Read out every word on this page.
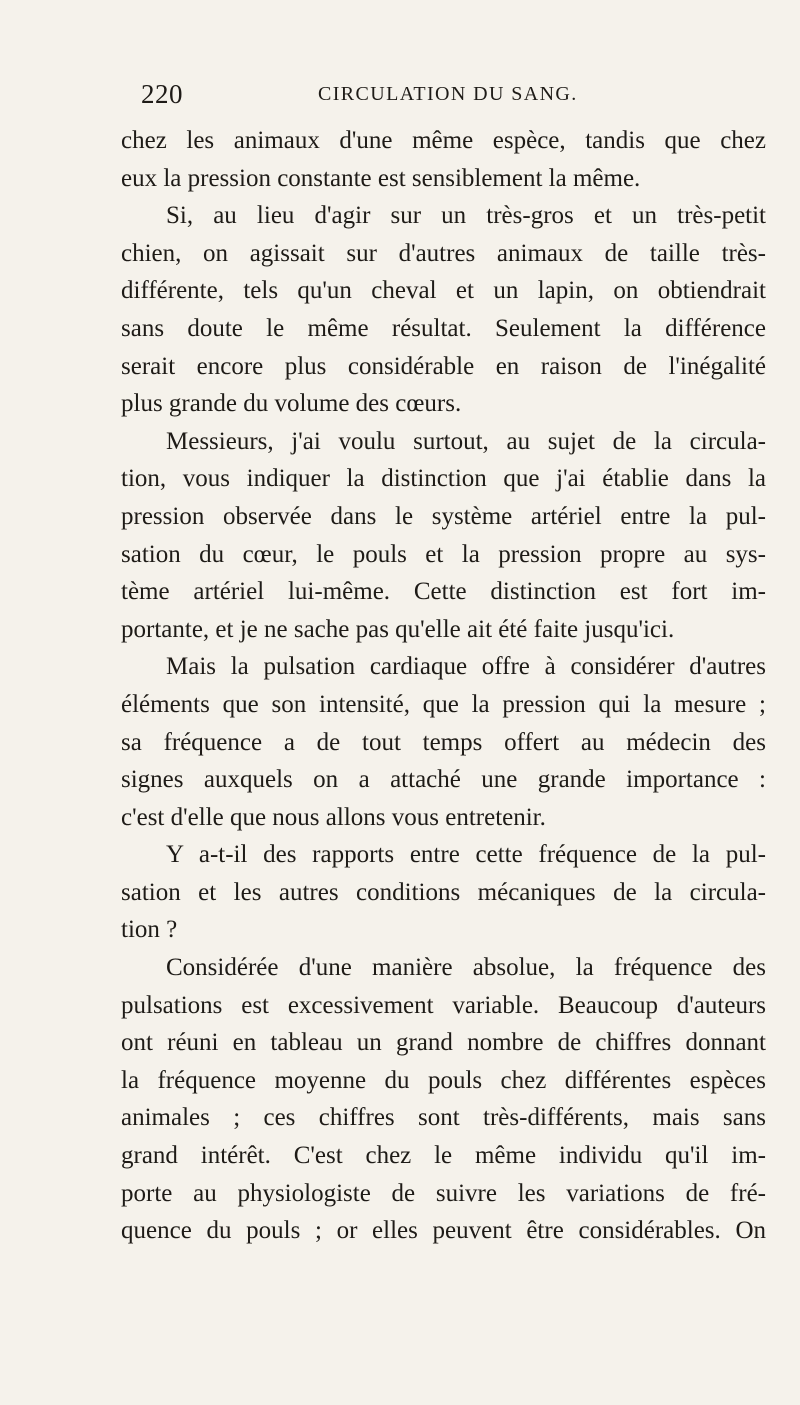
220	CIRCULATION DU SANG.
chez les animaux d'une même espèce, tandis que chez
eux la pression constante est sensiblement la même.
Si, au lieu d'agir sur un très-gros et un très-petit
chien, on agissait sur d'autres animaux de taille très-
différente, tels qu'un cheval et un lapin, on obtiendrait
sans doute le même résultat. Seulement la différence
serait encore plus considérable en raison de l'inégalité
plus grande du volume des cœurs.
Messieurs, j'ai voulu surtout, au sujet de la circula-
tion, vous indiquer la distinction que j'ai établie dans la
pression observée dans le système artériel entre la pul-
sation du cœur, le pouls et la pression propre au sys-
tème artériel lui-même. Cette distinction est fort im-
portante, et je ne sache pas qu'elle ait été faite jusqu'ici.
Mais la pulsation cardiaque offre à considérer d'autres
éléments que son intensité, que la pression qui la mesure ;
sa fréquence a de tout temps offert au médecin des
signes auxquels on a attaché une grande importance :
c'est d'elle que nous allons vous entretenir.
Y a-t-il des rapports entre cette fréquence de la pul-
sation et les autres conditions mécaniques de la circula-
tion ?
Considérée d'une manière absolue, la fréquence des
pulsations est excessivement variable. Beaucoup d'auteurs
ont réuni en tableau un grand nombre de chiffres donnant
la fréquence moyenne du pouls chez différentes espèces
animales ; ces chiffres sont très-différents, mais sans
grand intérêt. C'est chez le même individu qu'il im-
porte au physiologiste de suivre les variations de fré-
quence du pouls ; or elles peuvent être considérables. On
